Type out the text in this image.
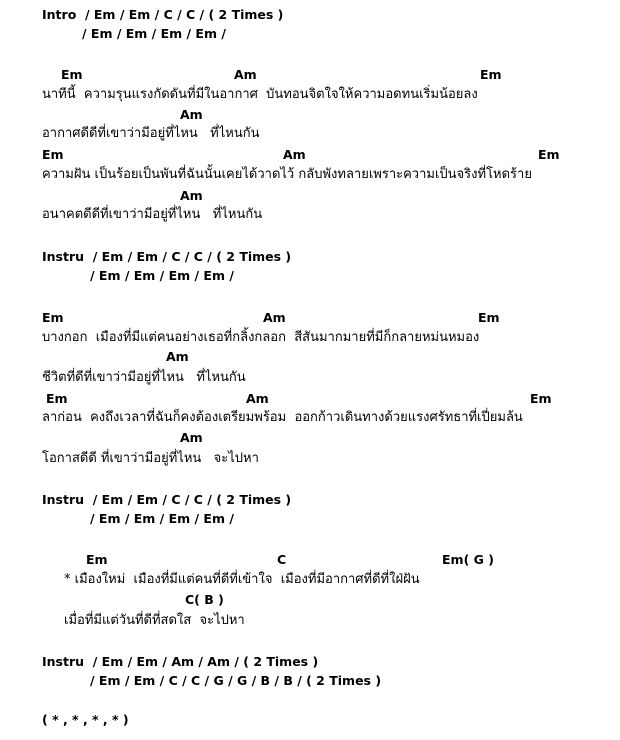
Intro  / Em / Em / C / C / ( 2 Times )
/ Em / Em / Em / Em /
Em	Am	Em
นาทีนี้  ความรุนแรงกัดดันที่มีในอากาศ  บันทอนจิตใจให้ความอดทนเริ่มน้อยลง
Am
อากาศดีดีที่เขาว่ามีอยู่ที่ไหน   ที่ไหนกัน
Em	Am	Em
ความฝัน เป็นร้อยเป็นพันที่ฉันนั้นเคยได้วาดไว้ กลับพังทลายเพราะความเป็นจริงที่โหดร้าย
Am
อนาคตดีดีที่เขาว่ามีอยู่ที่ไหน   ที่ไหนกัน
Instru  / Em / Em / C / C / ( 2 Times )
/ Em / Em / Em / Em /
Em	Am	Em
บางกอก  เมืองที่มีแต่คนอย่างเธอที่กลิ้งกลอก  สีสันมากมายที่มีก็กลายหม่นหมอง
Am
ชีวิตที่ดีที่เขาว่ามีอยู่ที่ไหน   ที่ไหนกัน
Em	Am	Em
ลาก่อน  คงถึงเวลาที่ฉันก็คงต้องเตรียมพร้อม  ออกก้าวเดินทางด้วยแรงศรัทธาที่เปี่ยมล้น
Am
โอกาสดีดี ที่เขาว่ามีอยู่ที่ไหน   จะไปหา
Instru  / Em / Em / C / C / ( 2 Times )
/ Em / Em / Em / Em /
Em	C	Em( G )
* เมืองใหม่  เมืองที่มีแต่คนที่ดีที่เข้าใจ  เมืองที่มีอากาศที่ดีที่ใฝ่ฝัน
C( B )
เมื่อที่มีแต่วันที่ดีที่สดใส  จะไปหา
Instru  / Em / Em / Am / Am / ( 2 Times )
/ Em / Em / C / C / G / G / B / B / ( 2 Times )
( * , * , * , * )
